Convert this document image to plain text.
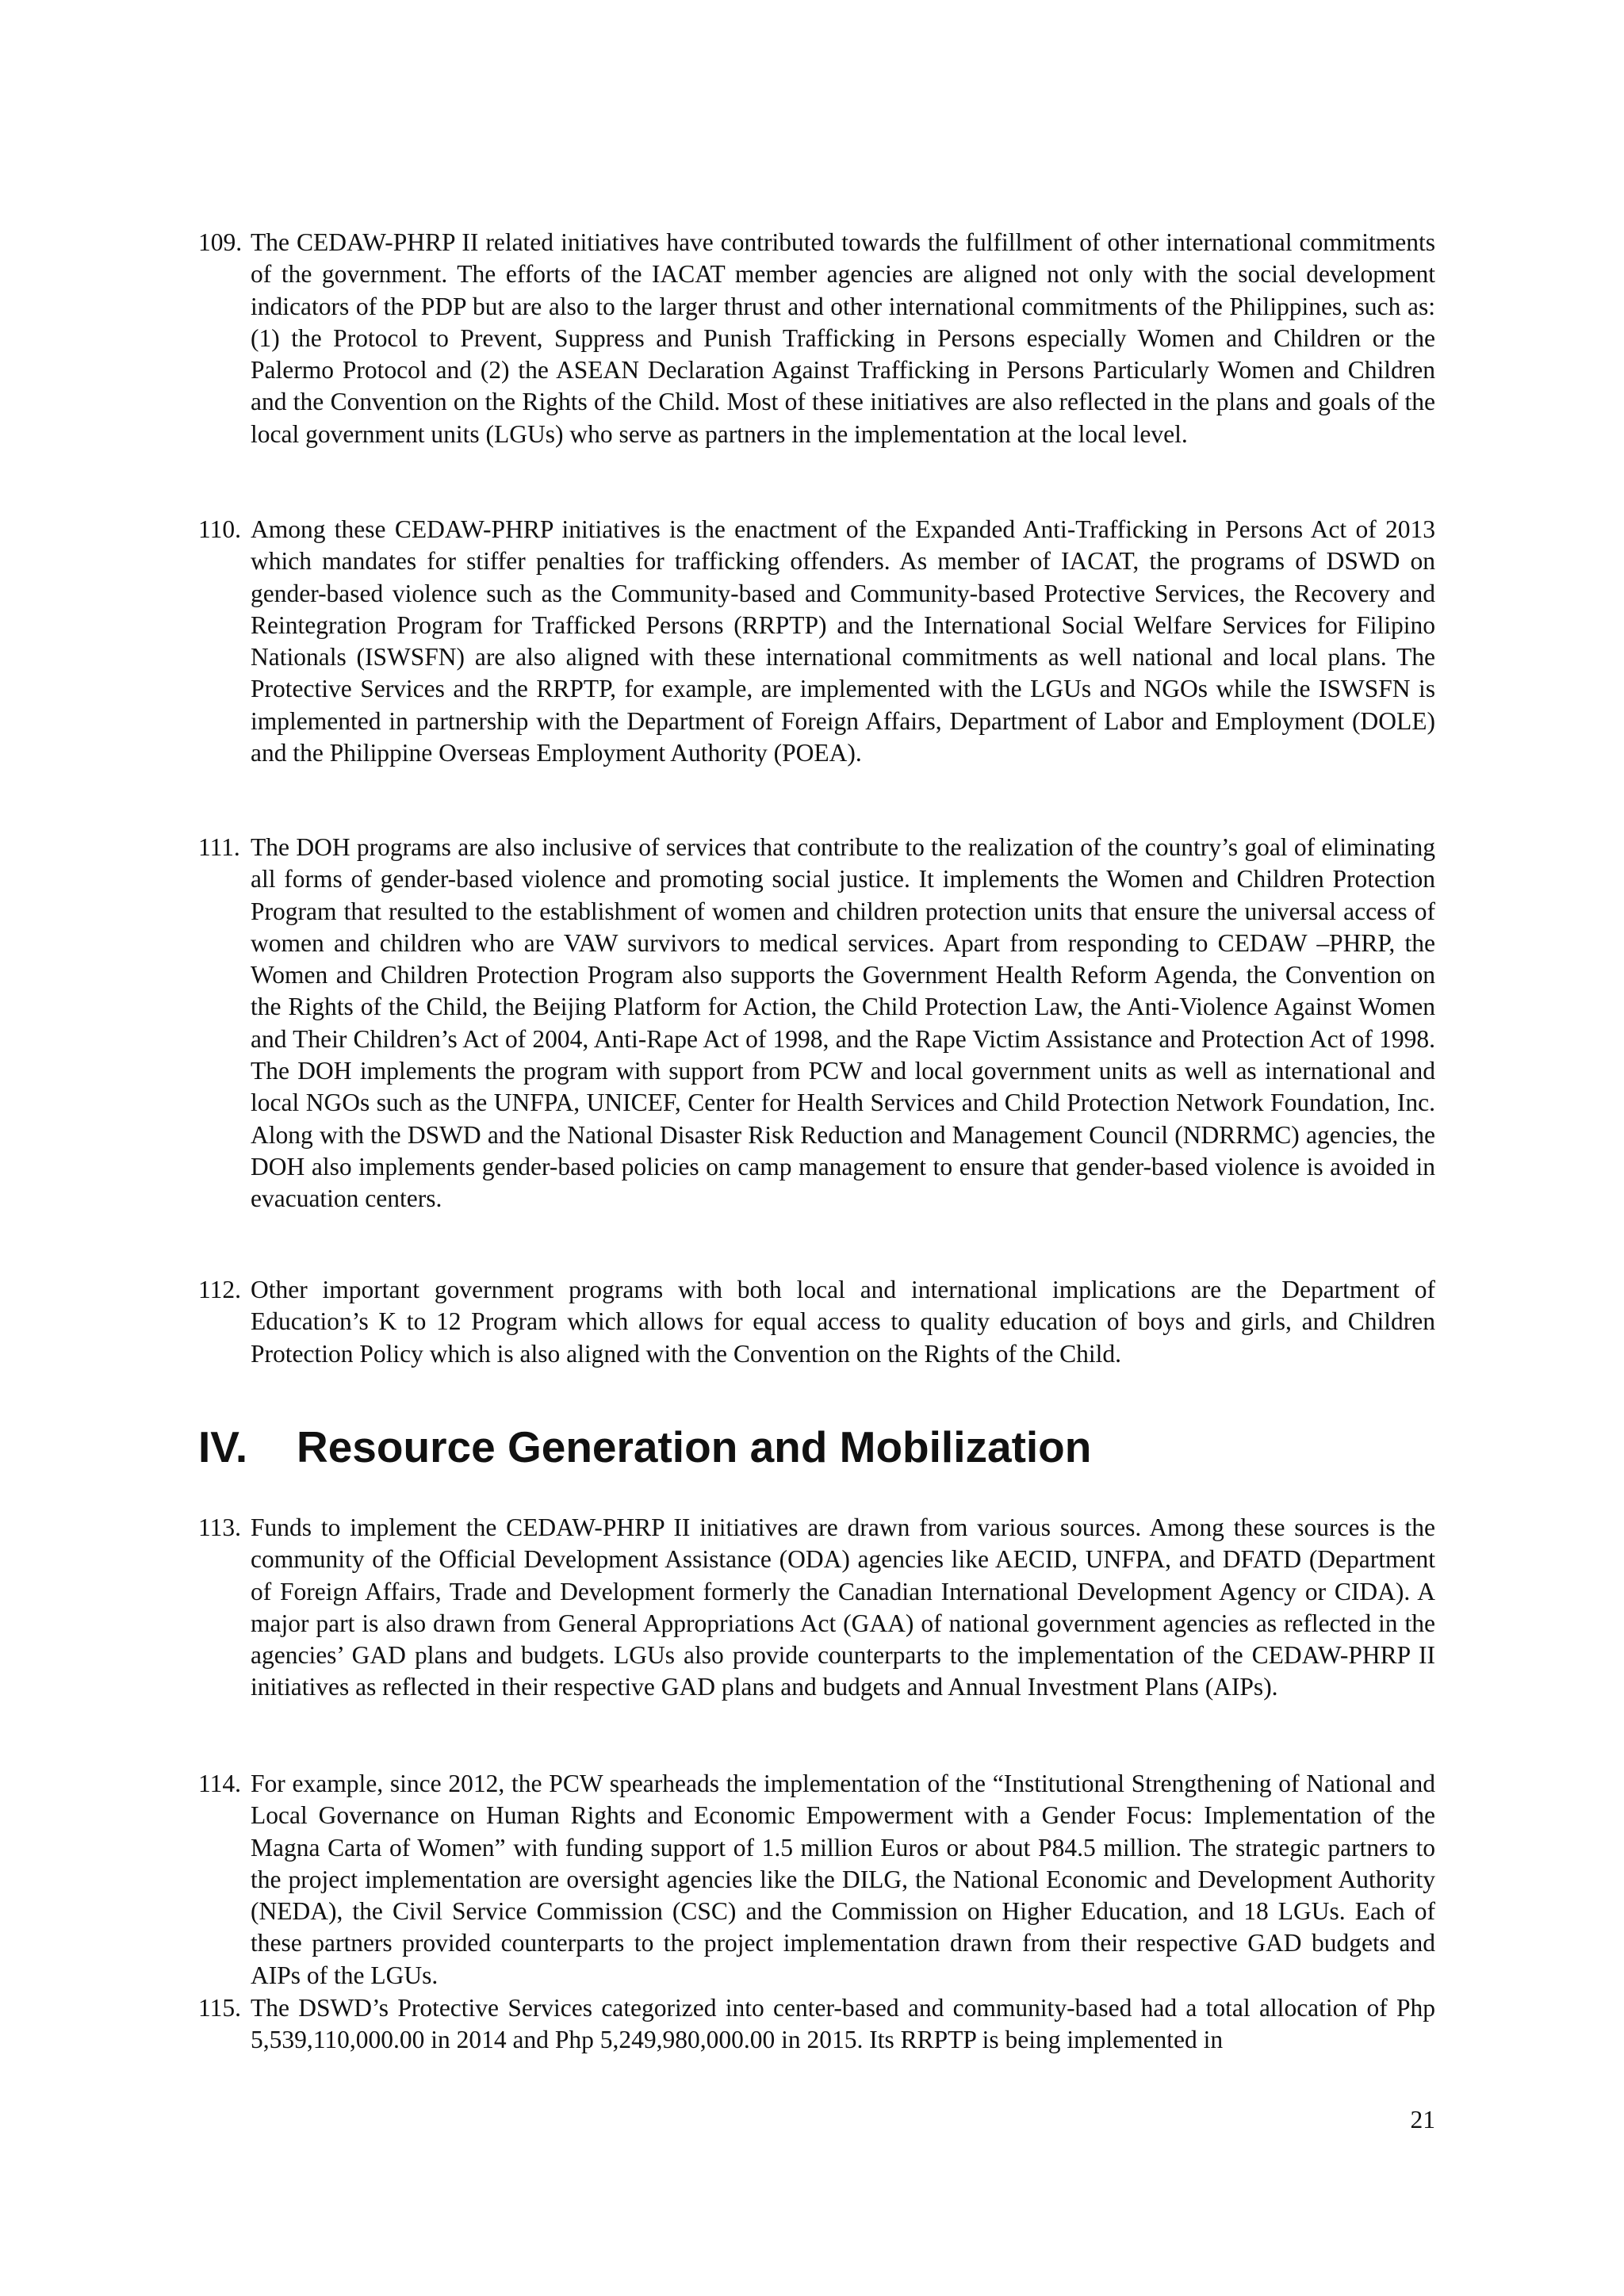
109. The CEDAW-PHRP II related initiatives have contributed towards the fulfillment of other international commitments of the government. The efforts of the IACAT member agencies are aligned not only with the social development indicators of the PDP but are also to the larger thrust and other international commitments of the Philippines, such as: (1) the Protocol to Prevent, Suppress and Punish Trafficking in Persons especially Women and Children or the Palermo Protocol and (2) the ASEAN Declaration Against Trafficking in Persons Particularly Women and Children and the Convention on the Rights of the Child. Most of these initiatives are also reflected in the plans and goals of the local government units (LGUs) who serve as partners in the implementation at the local level.
110. Among these CEDAW-PHRP initiatives is the enactment of the Expanded Anti-Trafficking in Persons Act of 2013 which mandates for stiffer penalties for trafficking offenders. As member of IACAT, the programs of DSWD on gender-based violence such as the Community-based and Community-based Protective Services, the Recovery and Reintegration Program for Trafficked Persons (RRPTP) and the International Social Welfare Services for Filipino Nationals (ISWSFN) are also aligned with these international commitments as well national and local plans. The Protective Services and the RRPTP, for example, are implemented with the LGUs and NGOs while the ISWSFN is implemented in partnership with the Department of Foreign Affairs, Department of Labor and Employment (DOLE) and the Philippine Overseas Employment Authority (POEA).
111. The DOH programs are also inclusive of services that contribute to the realization of the country’s goal of eliminating all forms of gender-based violence and promoting social justice. It implements the Women and Children Protection Program that resulted to the establishment of women and children protection units that ensure the universal access of women and children who are VAW survivors to medical services. Apart from responding to CEDAW –PHRP, the Women and Children Protection Program also supports the Government Health Reform Agenda, the Convention on the Rights of the Child, the Beijing Platform for Action, the Child Protection Law, the Anti-Violence Against Women and Their Children’s Act of 2004, Anti-Rape Act of 1998, and the Rape Victim Assistance and Protection Act of 1998. The DOH implements the program with support from PCW and local government units as well as international and local NGOs such as the UNFPA, UNICEF, Center for Health Services and Child Protection Network Foundation, Inc. Along with the DSWD and the National Disaster Risk Reduction and Management Council (NDRRMC) agencies, the DOH also implements gender-based policies on camp management to ensure that gender-based violence is avoided in evacuation centers.
112. Other important government programs with both local and international implications are the Department of Education’s K to 12 Program which allows for equal access to quality education of boys and girls, and Children Protection Policy which is also aligned with the Convention on the Rights of the Child.
IV. Resource Generation and Mobilization
113. Funds to implement the CEDAW-PHRP II initiatives are drawn from various sources. Among these sources is the community of the Official Development Assistance (ODA) agencies like AECID, UNFPA, and DFATD (Department of Foreign Affairs, Trade and Development formerly the Canadian International Development Agency or CIDA). A major part is also drawn from General Appropriations Act (GAA) of national government agencies as reflected in the agencies’ GAD plans and budgets. LGUs also provide counterparts to the implementation of the CEDAW-PHRP II initiatives as reflected in their respective GAD plans and budgets and Annual Investment Plans (AIPs).
114. For example, since 2012, the PCW spearheads the implementation of the “Institutional Strengthening of National and Local Governance on Human Rights and Economic Empowerment with a Gender Focus: Implementation of the Magna Carta of Women” with funding support of 1.5 million Euros or about P84.5 million. The strategic partners to the project implementation are oversight agencies like the DILG, the National Economic and Development Authority (NEDA), the Civil Service Commission (CSC) and the Commission on Higher Education, and 18 LGUs. Each of these partners provided counterparts to the project implementation drawn from their respective GAD budgets and AIPs of the LGUs.
115. The DSWD’s Protective Services categorized into center-based and community-based had a total allocation of Php 5,539,110,000.00 in 2014 and Php 5,249,980,000.00 in 2015. Its RRPTP is being implemented in
21
